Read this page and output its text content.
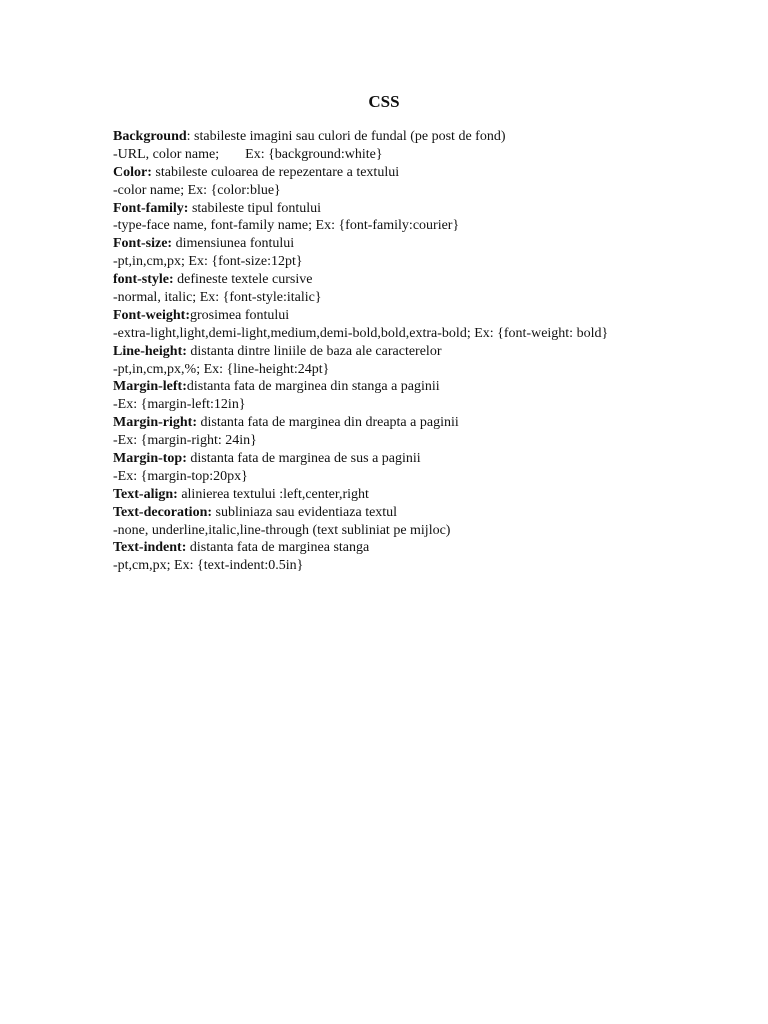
CSS
Background: stabileste imagini sau culori de fundal (pe post de fond)
-URL, color name; Ex: {background:white}
Color: stabileste culoarea de repezentare a textului
-color name; Ex: {color:blue}
Font-family: stabileste tipul fontului
-type-face name, font-family name; Ex: {font-family:courier}
Font-size: dimensiunea fontului
-pt,in,cm,px; Ex: {font-size:12pt}
font-style: defineste textele cursive
-normal, italic; Ex: {font-style:italic}
Font-weight:grosimea fontului
-extra-light,light,demi-light,medium,demi-bold,bold,extra-bold; Ex: {font-weight: bold}
Line-height: distanta dintre liniile de baza ale caracterelor
-pt,in,cm,px,%; Ex: {line-height:24pt}
Margin-left:distanta fata de marginea din stanga a paginii
-Ex: {margin-left:12in}
Margin-right: distanta fata de marginea din dreapta a paginii
-Ex: {margin-right: 24in}
Margin-top: distanta fata de marginea de sus a paginii
-Ex: {margin-top:20px}
Text-align: alinierea textului :left,center,right
Text-decoration: subliniaza sau evidentiaza textul
-none, underline,italic,line-through (text subliniat pe mijloc)
Text-indent: distanta fata de marginea stanga
-pt,cm,px; Ex: {text-indent:0.5in}
